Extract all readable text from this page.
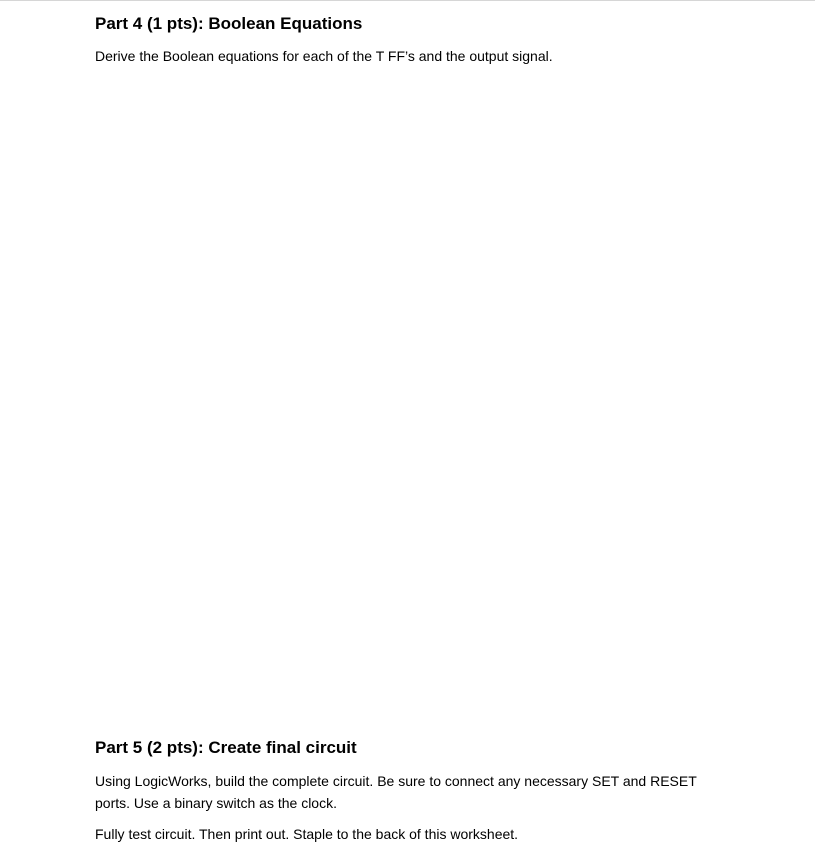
Part 4 (1 pts): Boolean Equations

Derive the Boolean equations for each of the T FF’s and the output signal.

Part 5 (2 pts): Create final circuit

Using LogicWorks, build the complete circuit. Be sure to connect any necessary SET and RESET ports. Use a binary switch as the clock.

Fully test circuit. Then print out. Staple to the back of this worksheet.
